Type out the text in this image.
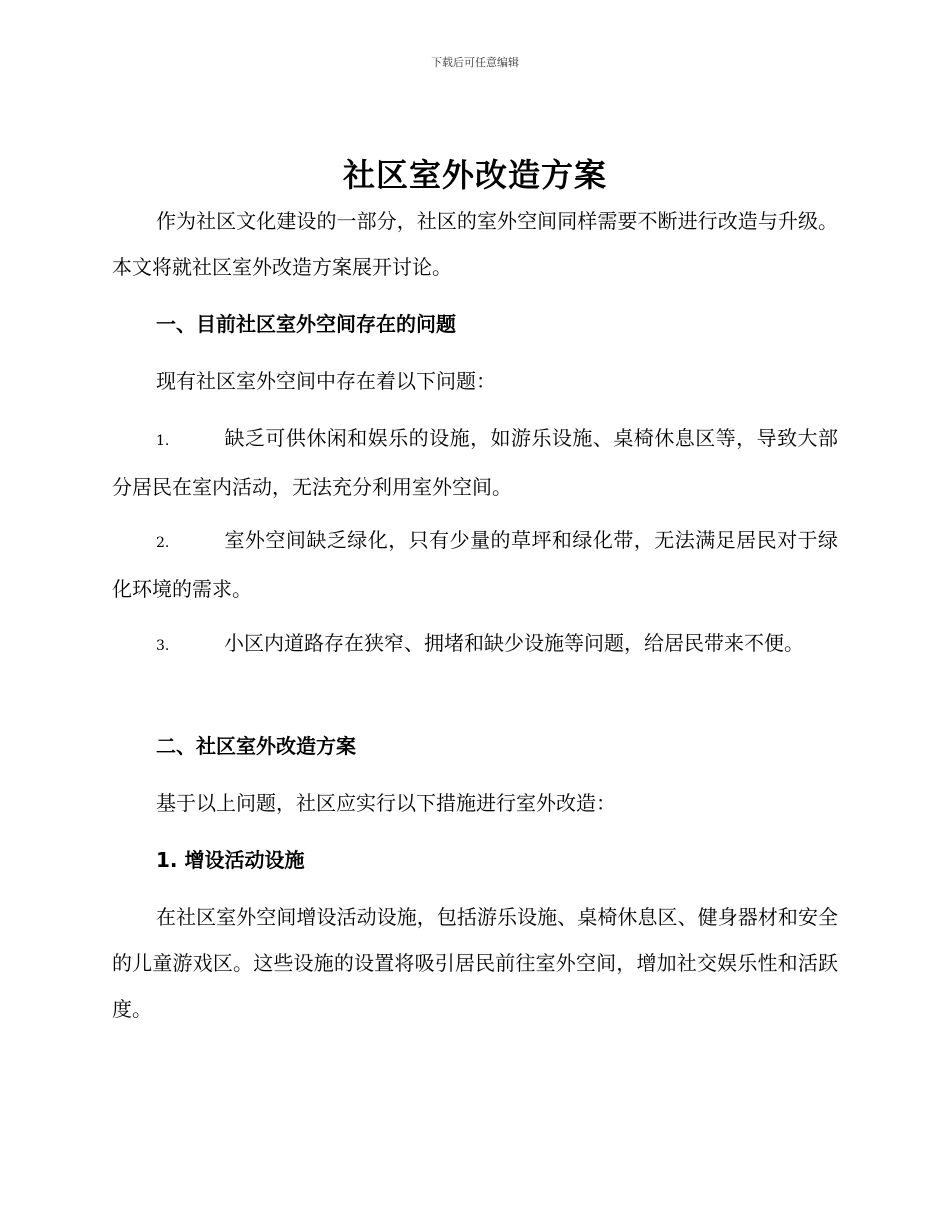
下载后可任意编辑
社区室外改造方案

作为社区文化建设的一部分，社区的室外空间同样需要不断进行改造与升级。本文将就社区室外改造方案展开讨论。

一、目前社区室外空间存在的问题

现有社区室外空间中存在着以下问题：

1.	缺乏可供休闲和娱乐的设施，如游乐设施、桌椅休息区等，导致大部分居民在室内活动，无法充分利用室外空间。

2.	室外空间缺乏绿化，只有少量的草坪和绿化带，无法满足居民对于绿化环境的需求。

3.	小区内道路存在狭窄、拥堵和缺少设施等问题，给居民带来不便。

二、社区室外改造方案

基于以上问题，社区应实行以下措施进行室外改造：

1. 增设活动设施

在社区室外空间增设活动设施，包括游乐设施、桌椅休息区、健身器材和安全的儿童游戏区。这些设施的设置将吸引居民前往室外空间，增加社交娱乐性和活跃度。
